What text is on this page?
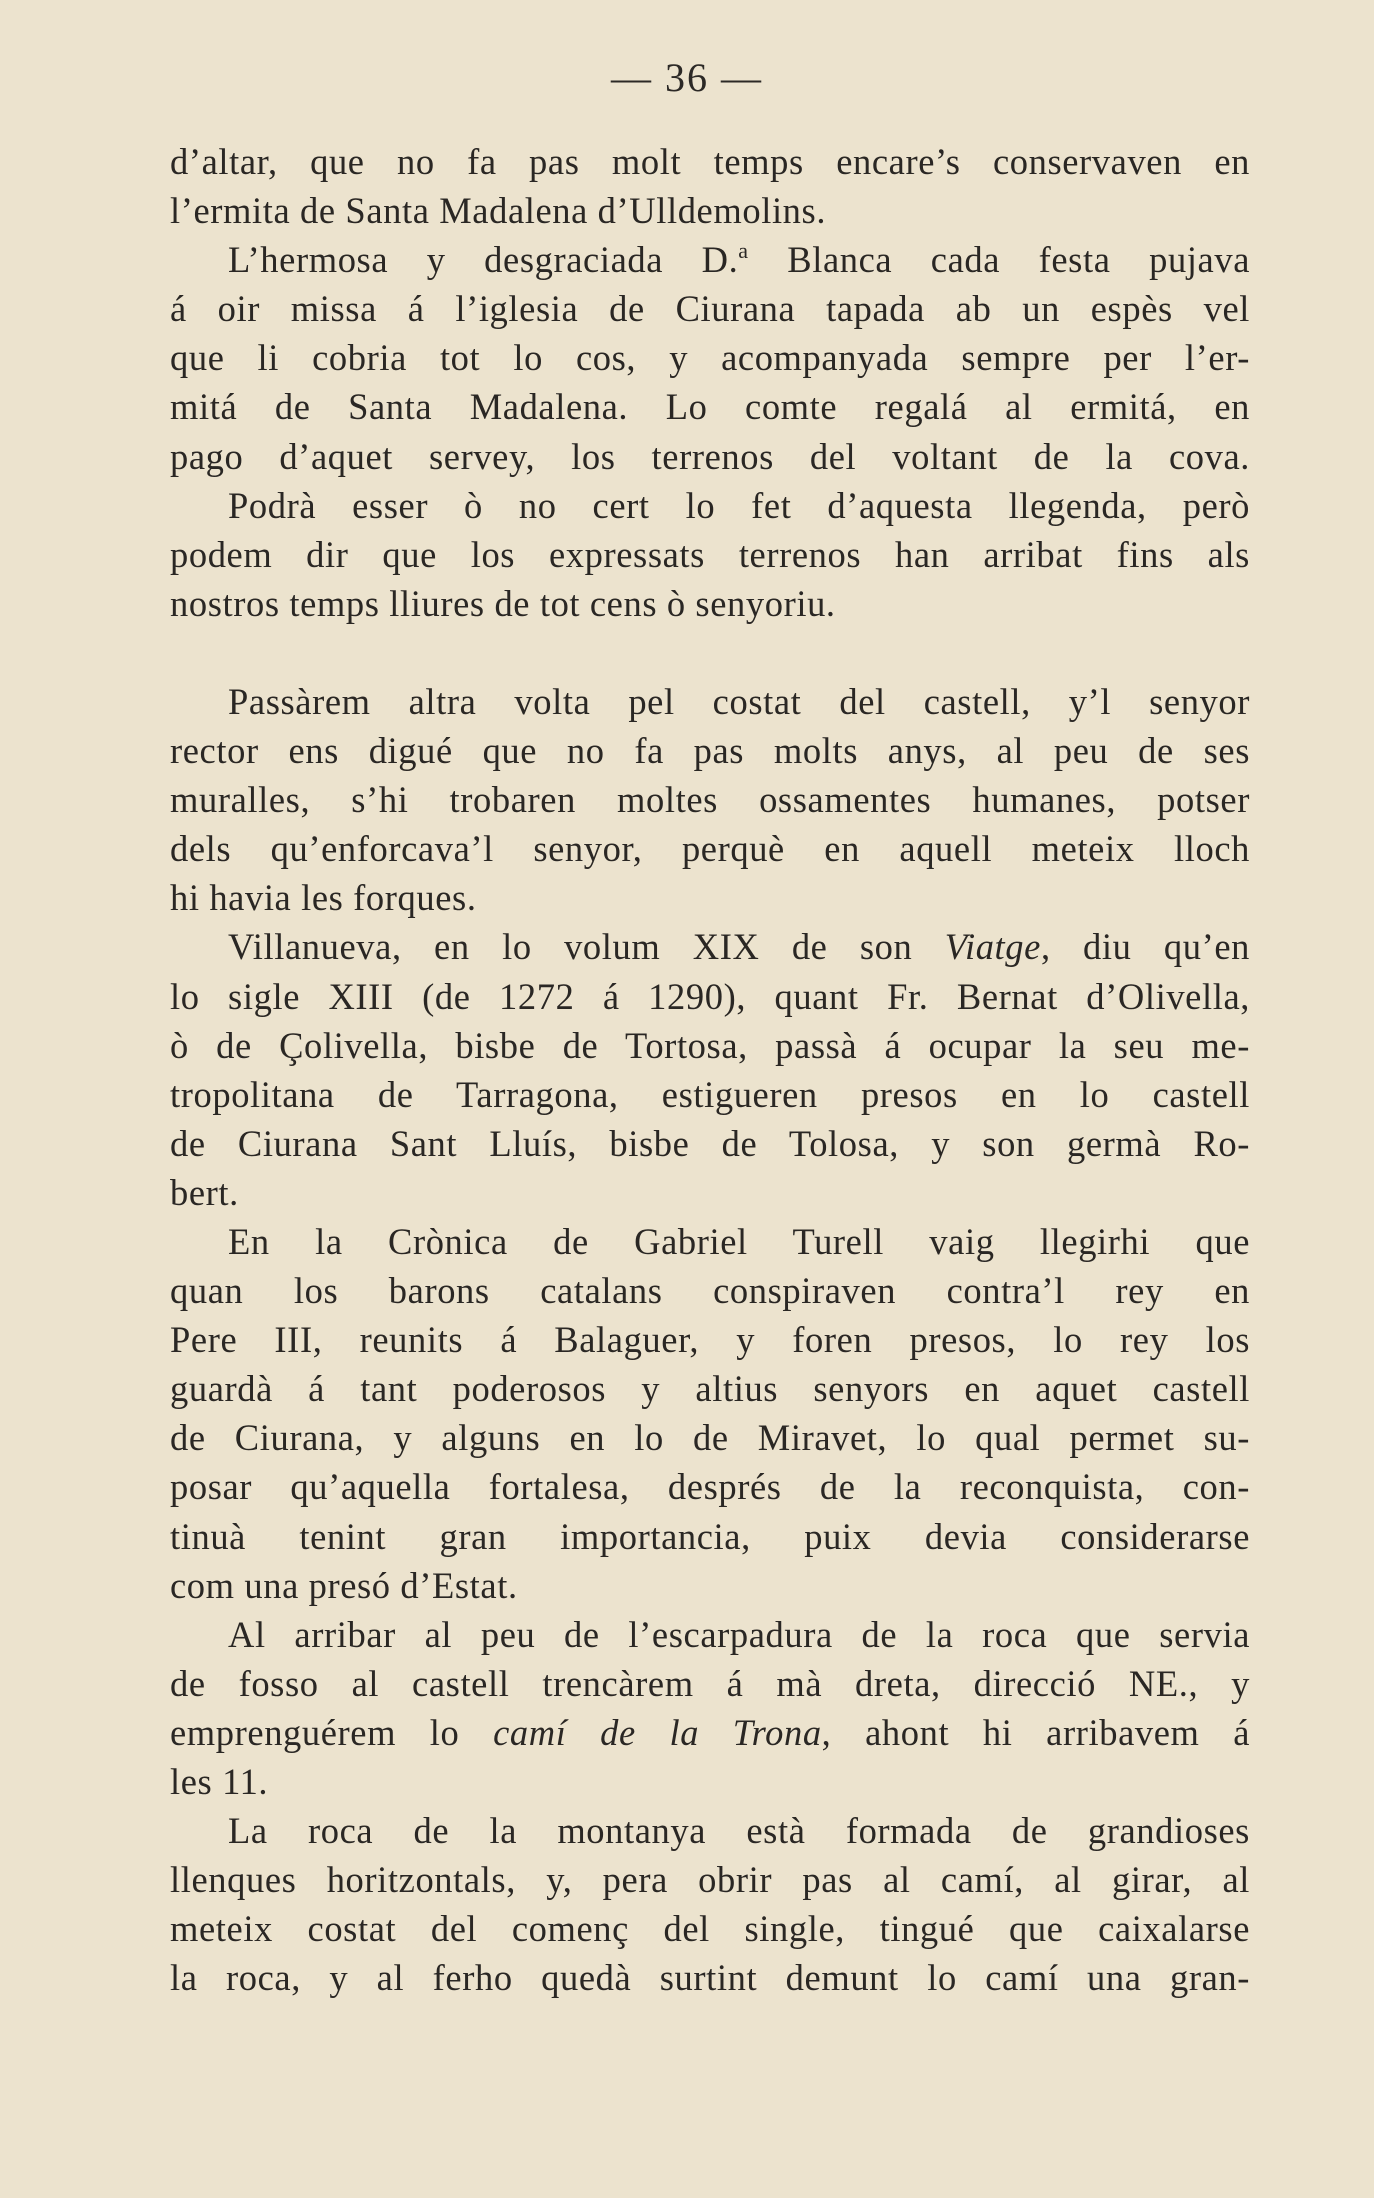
— 36 —
d’altar, que no fa pas molt temps encare’s conservaven en
l’ermita de Santa Madalena d’Ulldemolins.
L’hermosa y desgraciada D.$^a$ Blanca cada festa pujava
á oir missa á l’iglesia de Ciurana tapada ab un espès vel
que li cobria tot lo cos, y acompanyada sempre per l’er-
mitá de Santa Madalena. Lo comte regalá al ermitá, en
pago d’aquet servey, los terrenos del voltant de la cova.
Podrà esser ò no cert lo fet d’aquesta llegenda, però
podem dir que los expressats terrenos han arribat fins als
nostros temps lliures de tot cens ò senyoriu.
Passàrem altra volta pel costat del castell, y’l senyor
rector ens digué que no fa pas molts anys, al peu de ses
muralles, s’hi trobaren moltes ossamentes humanes, potser
dels qu’enforcava’l senyor, perquè en aquell meteix lloch
hi havia les forques.
Villanueva, en lo volum XIX de son Viatge, diu qu’en
lo sigle XIII (de 1272 á 1290), quant Fr. Bernat d’Olivella,
ò de Çolivella, bisbe de Tortosa, passà á ocupar la seu me-
tropolitana de Tarragona, estigueren presos en lo castell
de Ciurana Sant Lluís, bisbe de Tolosa, y son germà Ro-
bert.
En la Crònica de Gabriel Turell vaig llegirhi que
quan los barons catalans conspiraven contra’l rey en
Pere III, reunits á Balaguer, y foren presos, lo rey los
guardà á tant poderosos y altius senyors en aquet castell
de Ciurana, y alguns en lo de Miravet, lo qual permet su-
posar qu’aquella fortalesa, després de la reconquista, con-
tinuà tenint gran importancia, puix devia considerarse
com una presó d’Estat.
Al arribar al peu de l’escarpadura de la roca que servia
de fosso al castell trencàrem á mà dreta, direcció NE., y
emprenguérem lo camí de la Trona, ahont hi arribavem á
les 11.
La roca de la montanya està formada de grandioses
llenques horitzontals, y, pera obrir pas al camí, al girar, al
meteix costat del començ del single, tingué que caixalarse
la roca, y al ferho quedà surtint demunt lo camí una gran-
